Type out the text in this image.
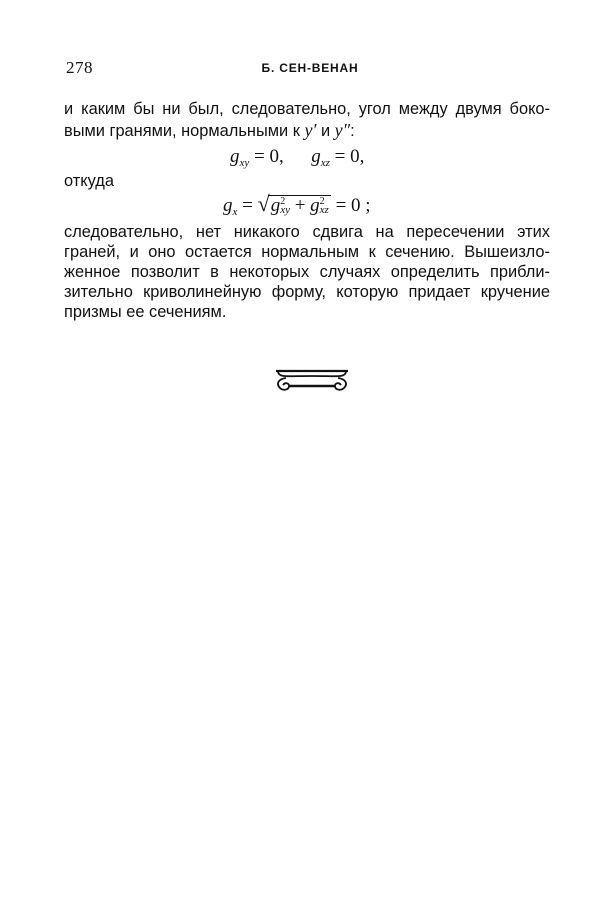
278	Б. СЕН-ВЕНАН
и каким бы ни был, следовательно, угол между двумя боко-
выми гранями, нормальными к y′ и y″:
$g_{xy} = 0$, $g_{xz} = 0$,
откуда
$g_x = √g$ 2
xy + g 2
xz = 0 ;
следовательно, нет никакого сдвига на пересечении этих
граней, и оно остается нормальным к сечению. Вышеизло-
женное позволит в некоторых случаях определить прибли-
зительно криволинейную форму, которую придает кручение
призмы ее сечениям.
